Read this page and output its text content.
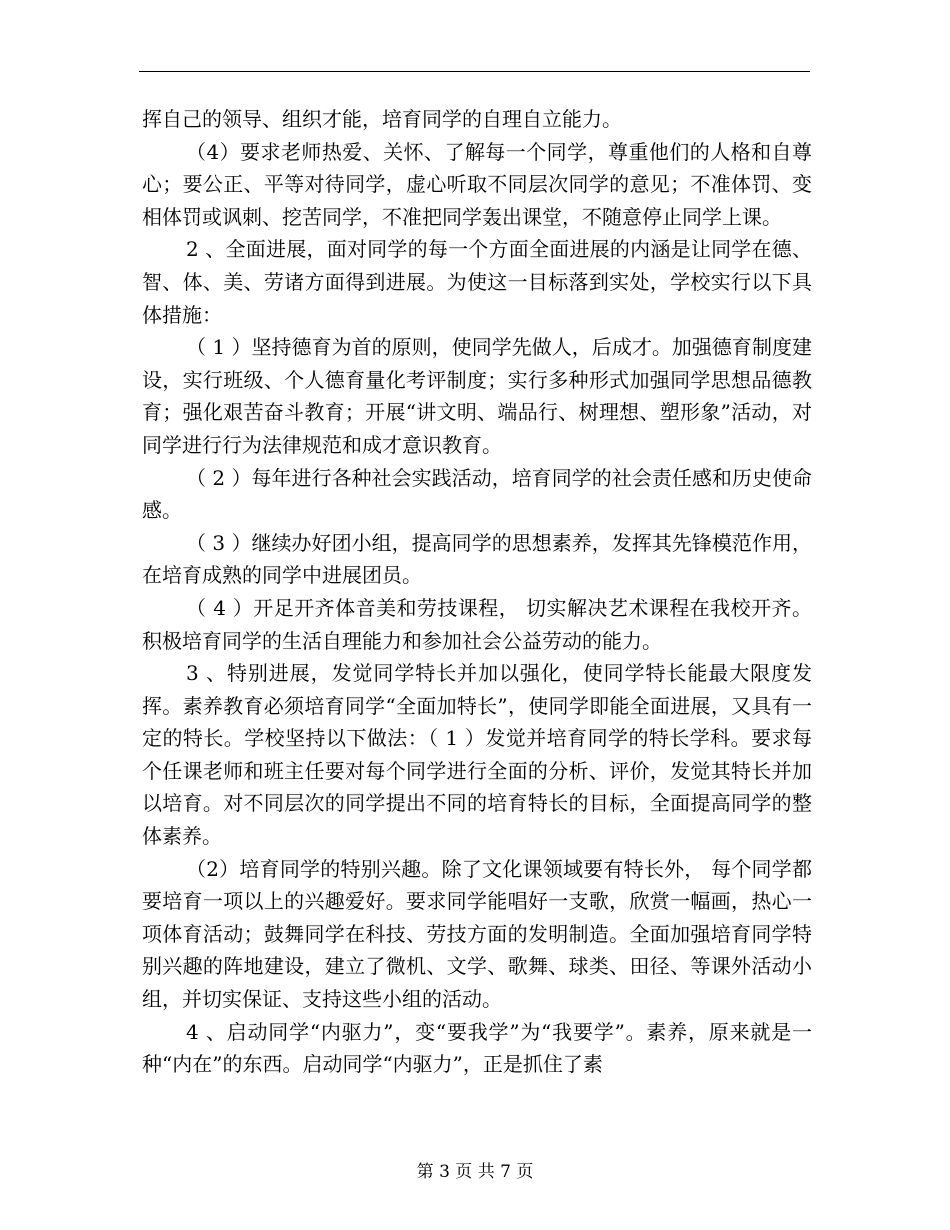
挥自己的领导、组织才能，培育同学的自理自立能力。

（4）要求老师热爱、关怀、了解每一个同学，尊重他们的人格和自尊心；要公正、平等对待同学，虚心听取不同层次同学的意见；不准体罚、变相体罚或讽刺、挖苦同学，不准把同学轰出课堂，不随意停止同学上课。

2 、全面进展，面对同学的每一个方面全面进展的内涵是让同学在德、智、体、美、劳诸方面得到进展。为使这一目标落到实处，学校实行以下具体措施：

（ 1 ）坚持德育为首的原则，使同学先做人，后成才。加强德育制度建设，实行班级、个人德育量化考评制度；实行多种形式加强同学思想品德教育；强化艰苦奋斗教育；开展“讲文明、端品行、树理想、塑形象”活动，对同学进行行为法律规范和成才意识教育。

（ 2 ）每年进行各种社会实践活动，培育同学的社会责任感和历史使命感。

（ 3 ）继续办好团小组，提高同学的思想素养，发挥其先锋模范作用，在培育成熟的同学中进展团员。

（ 4 ）开足开齐体音美和劳技课程， 切实解决艺术课程在我校开齐。积极培育同学的生活自理能力和参加社会公益劳动的能力。

3 、特别进展，发觉同学特长并加以强化，使同学特长能最大限度发挥。素养教育必须培育同学“全面加特长”，使同学即能全面进展，又具有一定的特长。学校坚持以下做法：（ 1 ）发觉并培育同学的特长学科。要求每个任课老师和班主任要对每个同学进行全面的分析、评价，发觉其特长并加以培育。对不同层次的同学提出不同的培育特长的目标，全面提高同学的整体素养。

（2）培育同学的特别兴趣。除了文化课领域要有特长外， 每个同学都要培育一项以上的兴趣爱好。要求同学能唱好一支歌，欣赏一幅画，热心一项体育活动；鼓舞同学在科技、劳技方面的发明制造。全面加强培育同学特别兴趣的阵地建设，建立了微机、文学、歌舞、球类、田径、等课外活动小组，并切实保证、支持这些小组的活动。

4 、启动同学“内驱力”，变“要我学”为“我要学”。素养，原来就是一种“内在”的东西。启动同学“内驱力”，正是抓住了素

第 3 页 共 7 页
